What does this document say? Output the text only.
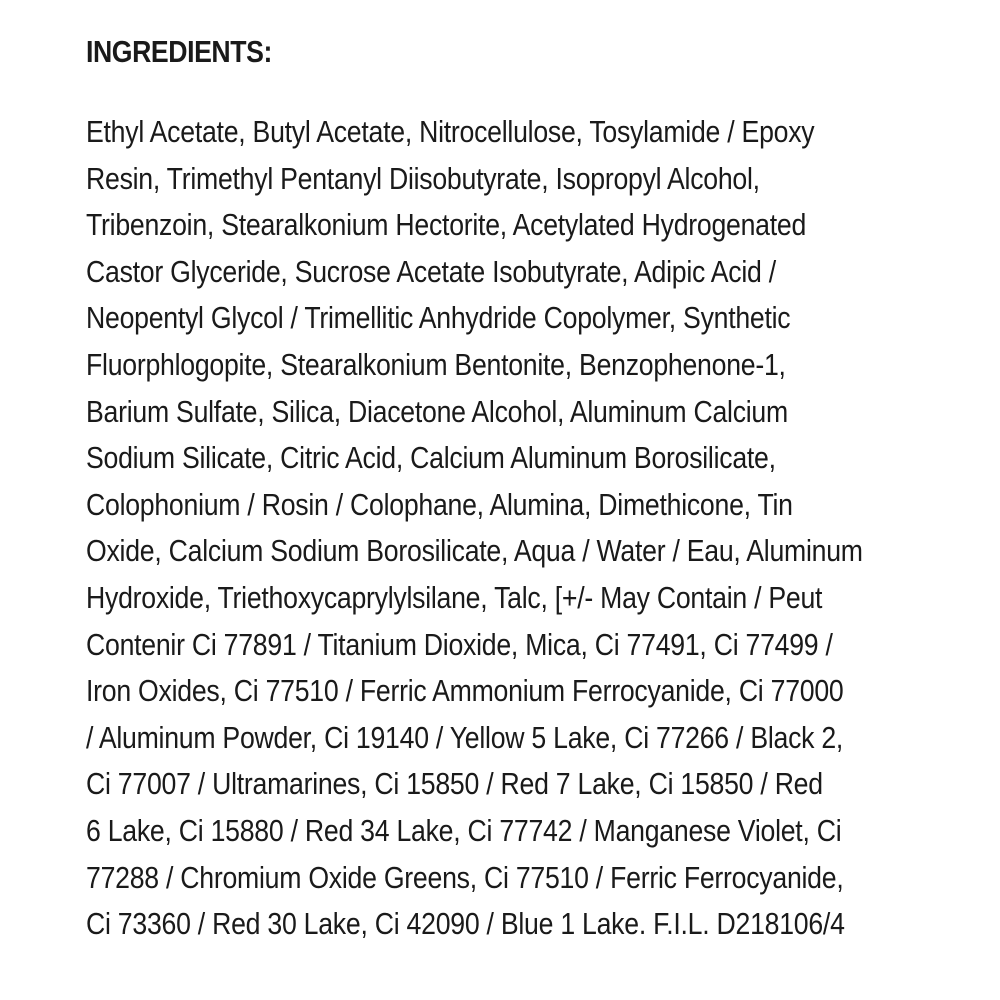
INGREDIENTS:
Ethyl Acetate, Butyl Acetate, Nitrocellulose, Tosylamide / Epoxy
Resin, Trimethyl Pentanyl Diisobutyrate, Isopropyl Alcohol,
Tribenzoin, Stearalkonium Hectorite, Acetylated Hydrogenated
Castor Glyceride, Sucrose Acetate Isobutyrate, Adipic Acid /
Neopentyl Glycol / Trimellitic Anhydride Copolymer, Synthetic
Fluorphlogopite, Stearalkonium Bentonite, Benzophenone-1,
Barium Sulfate, Silica, Diacetone Alcohol, Aluminum Calcium
Sodium Silicate, Citric Acid, Calcium Aluminum Borosilicate,
Colophonium / Rosin / Colophane, Alumina, Dimethicone, Tin
Oxide, Calcium Sodium Borosilicate, Aqua / Water / Eau, Aluminum
Hydroxide, Triethoxycaprylylsilane, Talc, [+/- May Contain / Peut
Contenir Ci 77891 / Titanium Dioxide, Mica, Ci 77491, Ci 77499 /
Iron Oxides, Ci 77510 / Ferric Ammonium Ferrocyanide, Ci 77000
/ Aluminum Powder, Ci 19140 / Yellow 5 Lake, Ci 77266 / Black 2,
Ci 77007 / Ultramarines, Ci 15850 / Red 7 Lake, Ci 15850 / Red
6 Lake, Ci 15880 / Red 34 Lake, Ci 77742 / Manganese Violet, Ci
77288 / Chromium Oxide Greens, Ci 77510 / Ferric Ferrocyanide,
Ci 73360 / Red 30 Lake, Ci 42090 / Blue 1 Lake. F.I.L. D218106/4
